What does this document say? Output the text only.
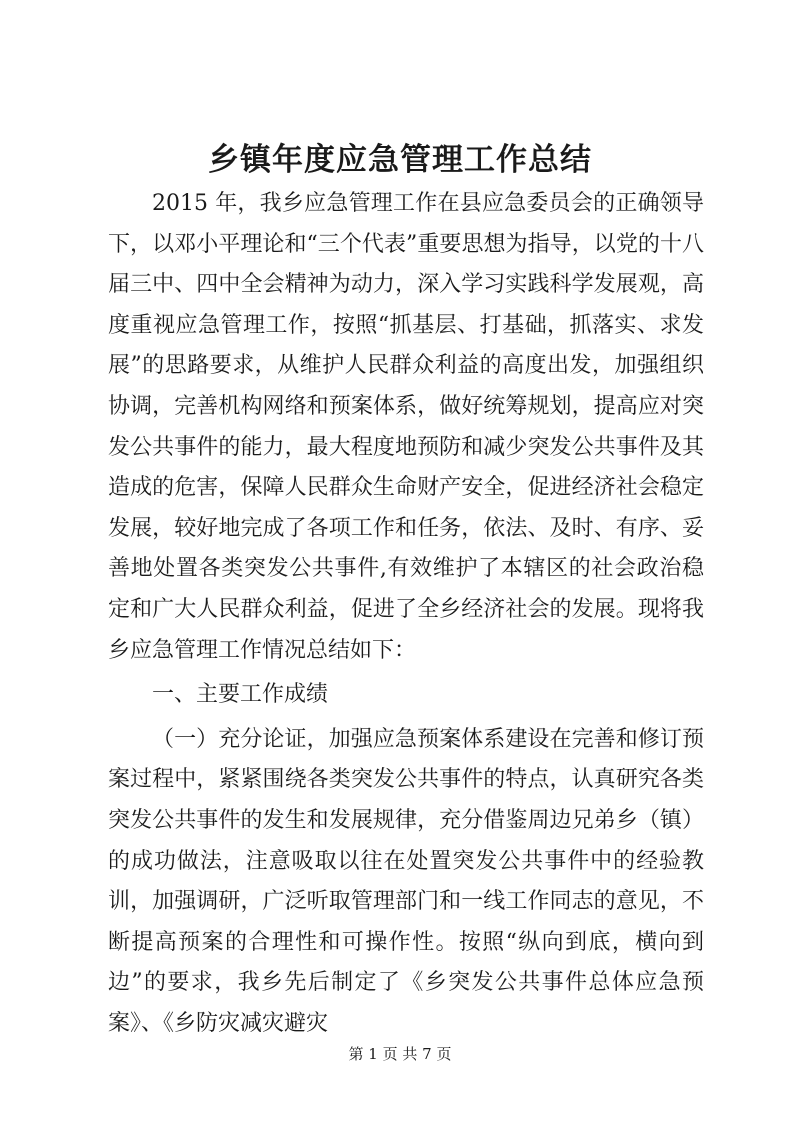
乡镇年度应急管理工作总结

2015 年，我乡应急管理工作在县应急委员会的正确领导下，以邓小平理论和“三个代表”重要思想为指导，以党的十八届三中、四中全会精神为动力，深入学习实践科学发展观，高度重视应急管理工作，按照“抓基层、打基础，抓落实、求发展”的思路要求，从维护人民群众利益的高度出发，加强组织协调，完善机构网络和预案体系，做好统筹规划，提高应对突发公共事件的能力，最大程度地预防和减少突发公共事件及其造成的危害，保障人民群众生命财产安全，促进经济社会稳定发展，较好地完成了各项工作和任务，依法、及时、有序、妥善地处置各类突发公共事件,有效维护了本辖区的社会政治稳定和广大人民群众利益，促进了全乡经济社会的发展。现将我乡应急管理工作情况总结如下：

一、主要工作成绩

（一）充分论证，加强应急预案体系建设在完善和修订预案过程中，紧紧围绕各类突发公共事件的特点，认真研究各类突发公共事件的发生和发展规律，充分借鉴周边兄弟乡（镇）的成功做法，注意吸取以往在处置突发公共事件中的经验教训，加强调研，广泛听取管理部门和一线工作同志的意见，不断提高预案的合理性和可操作性。按照“纵向到底，横向到边”的要求，我乡先后制定了《乡突发公共事件总体应急预案》、《乡防灾减灾避灾

第 1 页 共 7 页
